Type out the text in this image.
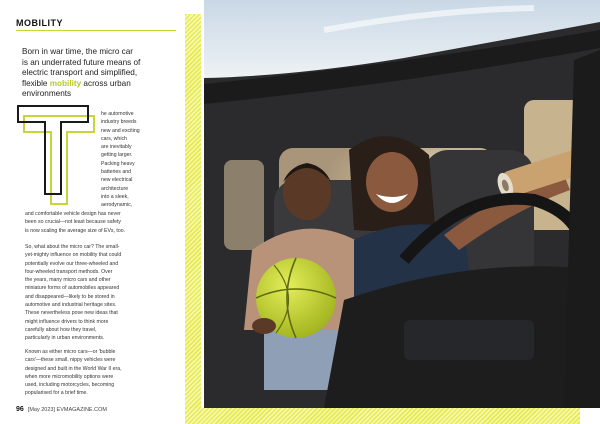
MOBILITY
Born in war time, the micro car
is an underrated future means of
electric transport and simplified,
flexible mobility across urban
environments
he automotive
industry breeds
new and exciting
cars, which
are inevitably
getting larger.
Packing heavy
batteries and
new electrical
architecture
into a sleek,
aerodynamic,
and comfortable vehicle design has never
been so crucial—not least because safety
is now scaling the average size of EVs, too.
So, what about the micro car? The small-
yet-mighty influence on mobility that could
potentially evolve our three-wheeled and
four-wheeled transport methods. Over
the years, many micro cars and other
miniature forms of automobiles appeared
and disappeared—likely to be stored in
automotive and industrial heritage sites.
These nevertheless pose new ideas that
might influence drivers to think more
carefully about how they travel,
particularly in urban environments.
Known as either micro cars—or 'bubble
cars'—these small, nippy vehicles were
designed and built in the World War II era,
when more micromobility options were
used, including motorcycles, becoming
popularised for a brief time.
96 [May 2023] EVMAGAZINE.COM
